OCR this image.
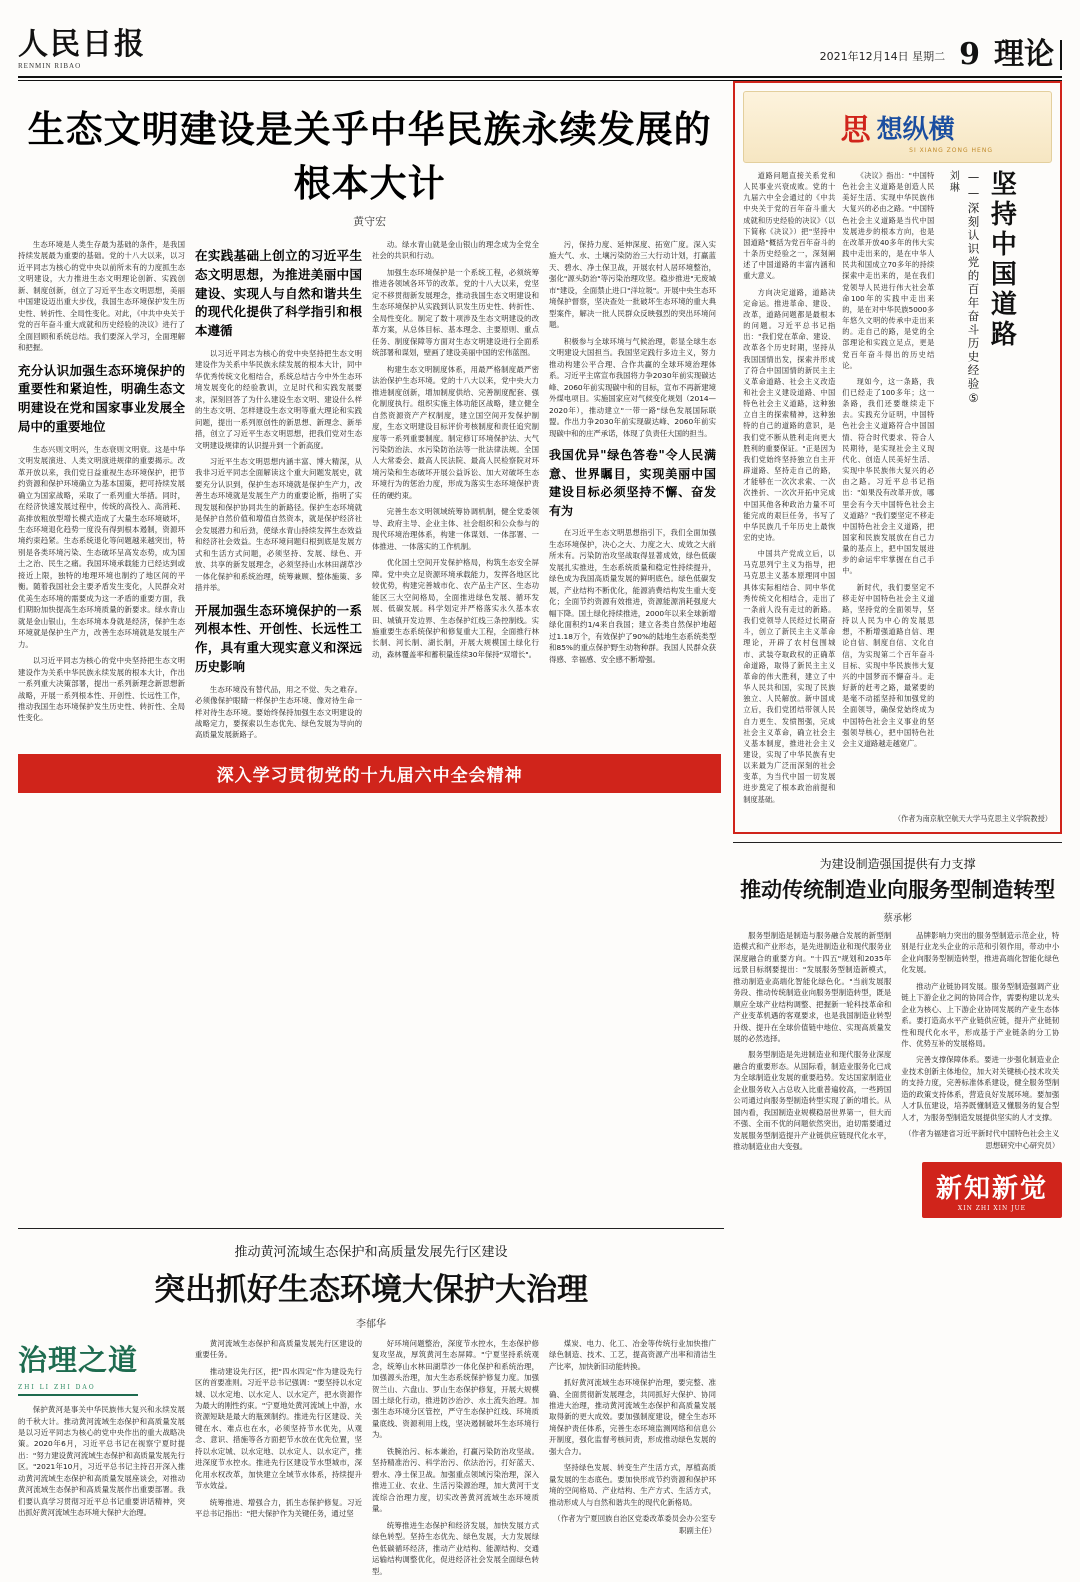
人民日报
RENMIN RIBAO
2021年12月14日 星期二 9 理论
生态文明建设是关乎中华民族永续发展的根本大计
黄守宏

生态环境是人类生存最为基础的条件，是我国持续发展最为重要的基础。党的十八大以来，以习近平同志为核心的党中央以前所未有的力度抓生态文明建设，大力推进生态文明理论创新、实践创新、制度创新，创立了习近平生态文明思想，美丽中国建设迈出重大步伐，我国生态环境保护发生历史性、转折性、全局性变化。对此，《中共中央关于党的百年奋斗重大成就和历史经验的决议》进行了全面回顾和系统总结。我们要深入学习，全面理解和把握。

充分认识加强生态环境保护的重要性和紧迫性，明确生态文明建设在党和国家事业发展全局中的重要地位

生态兴则文明兴，生态衰则文明衰。这是中华文明发展演进、人类文明演进规律的重要揭示。改革开放以来，我们党日益重视生态环境保护，把节约资源和保护环境确立为基本国策，把可持续发展确立为国家战略，采取了一系列重大举措。同时，在经济快速发展过程中，传统的高投入、高消耗、高排放粗放型增长模式造成了大量生态环境破坏，生态环境退化趋势一度没有得到根本遏制，资源环境约束趋紧。生态系统退化等问题越来越突出，特别是各类环境污染、生态破坏呈高发态势，成为国土之治、民生之痛。我国环境承载能力已经达到或接近上限，独特的地理环境也制约了地区间的平衡。随着我国社会主要矛盾发生变化，人民群众对优美生态环境的需要成为这一矛盾的重要方面，我们期盼加快提高生态环境质量的新要求。绿水青山就是金山银山，生态环境本身就是经济，保护生态环境就是保护生产力，改善生态环境就是发展生产力。

以习近平同志为核心的党中央坚持把生态文明建设作为关系中华民族永续发展的根本大计，作出一系列重大决策部署，提出一系列新理念新思想新战略，开展一系列根本性、开创性、长远性工作，推动我国生态环境保护发生历史性、转折性、全局性变化。

在实践基础上创立的习近平生态文明思想，为推进美丽中国建设、实现人与自然和谐共生的现代化提供了科学指引和根本遵循

以习近平同志为核心的党中央坚持把生态文明建设作为关系中华民族永续发展的根本大计，同中华优秀传统文化相结合，系统总结古今中外生态环境发展变化的经验教训，立足时代和实践发展要求，深刻回答了为什么建设生态文明、建设什么样的生态文明、怎样建设生态文明等重大理论和实践问题，提出一系列原创性的新思想、新理念、新举措，创立了习近平生态文明思想，把我们党对生态文明建设规律的认识提升到一个新高度。

习近平生态文明思想内涵丰富、博大精深，从我非习近平同志全面解读这个重大问题发展史，就要充分认识到，保护生态环境就是保护生产力，改善生态环境就是发展生产力的重要论断，指明了实现发展和保护协同共生的新路径。保护生态环境就是保护自然价值和增值自然资本，就是保护经济社会发展潜力和后劲，使绿水青山持续发挥生态效益和经济社会效益。生态环境问题归根到底是发展方式和生活方式问题，必须坚持、发展、绿色、开放、共享的新发展理念，必须坚持山水林田湖草沙一体化保护和系统治理，统筹兼顾、整体施策、多措并举。

开展加强生态环境保护的一系列根本性、开创性、长远性工作，具有重大现实意义和深远历史影响

生态环境没有替代品，用之不觉、失之难存。必须像保护眼睛一样保护生态环境、像对待生命一样对待生态环境。要始终保持加强生态文明建设的战略定力，要探索以生态优先、绿色发展为导向的高质量发展新路子。

动。绿水青山就是金山银山的理念成为全党全社会的共识和行动。

加强生态环境保护是一个系统工程，必须统筹推进各领域各环节的改革。党的十八大以来，党坚定不移贯彻新发展理念，推动我国生态文明建设和生态环境保护从实践到认识发生历史性、转折性、全局性变化。制定了数十项涉及生态文明建设的改革方案，从总体目标、基本理念、主要原则、重点任务、制度保障等方面对生态文明建设进行全面系统部署和谋划，壁画了建设美丽中国的宏伟蓝图。

构建生态文明制度体系，用最严格制度最严密法治保护生态环境。党的十八大以来，党中央大力推进制度创新，增加制度供给、完善制度配套、强化制度执行。组织实施主体功能区战略，建立健全自然资源资产产权制度，建立国空间开发保护制度，生态文明建设目标评价考核制度和责任追究制度等一系列重要制度。制定修订环境保护法、大气污染防治法、水污染防治法等一批法律法规。全国人大常委会、最高人民法院、最高人民检察院对环境污染和生态破坏开展公益诉讼、加大对破坏生态环境行为的惩治力度，形成为落实生态环境保护责任的硬约束。

完善生态文明领域统筹协调机制，健全党委领导、政府主导、企业主体、社会组织和公众参与的现代环境治理体系，构建一体谋划、一体部署、一体推进、一体落实的工作机制。

优化国土空间开发保护格局，构筑生态安全屏障。党中央立足资源环境承载能力，发挥各地区比较优势，构建完善城市化、农产品主产区、生态功能区三大空间格局，全面推进绿色发展、循环发展、低碳发展。科学划定并严格落实永久基本农田、城镇开发边界、生态保护红线三条控制线。实施重要生态系统保护和修复重大工程，全面推行林长制、河长制、湖长制，开展大规模国土绿化行动，森林覆盖率和蓄积量连续30年保持"双增长"。

污，保持力度、延伸深度、拓宽广度。深入实施大气、水、土壤污染防治三大行动计划，打赢蓝天、碧水、净土保卫战，开展农村人居环境整治，强化"源头防治"等污染治理攻坚。稳步推进"无废城市"建设，全面禁止进口"洋垃圾"。开展中央生态环境保护督察，坚决查处一批破坏生态环境的重大典型案件，解决一批人民群众反映强烈的突出环境问题。

积极参与全球环境与气候治理，彰显全球生态文明建设大国担当。我国坚定践行多边主义，努力推动构建公平合理、合作共赢的全球环境治理体系。习近平主席宣布我国将力争2030年前实现碳达峰、2060年前实现碳中和的目标，宣布不再新建境外煤电项目。实施国家应对气候变化规划（2014—2020年），推动建立"一带一路"绿色发展国际联盟。作出力争2030年前实现碳达峰、2060年前实现碳中和的庄严承诺，体现了负责任大国的担当。

我国优异"绿色答卷"令人民满意、世界瞩目，实现美丽中国建设目标必须坚持不懈、奋发有为

在习近平生态文明思想指引下，我们全面加强生态环境保护，决心之大、力度之大、成效之大前所未有。污染防治攻坚战取得显著成效，绿色低碳发展扎实推进，生态系统质量和稳定性持续提升，绿色成为我国高质量发展的鲜明底色。绿色低碳发展，产业结构不断优化，能源消费结构发生重大变化；全面节约资源有效推进，资源能源消耗强度大幅下降。国土绿化持续推进，2000年以来全球新增绿化面积约1/4来自我国；建立各类自然保护地超过1.18万个，有效保护了90%的陆地生态系统类型和85%的重点保护野生动物种群。我国人民群众获得感、幸福感、安全感不断增强。

深入学习贯彻党的十九届六中全会精神
思 想纵横
SI XIANG ZONG HENG

道路问题直接关系党和人民事业兴衰成败。党的十九届六中全会通过的《中共中央关于党的百年奋斗重大成就和历史经验的决议》（以下简称《决议》）把"坚持中国道路"概括为党百年奋斗的十条历史经验之一，深刻阐述了中国道路的丰富内涵和重大意义。

方向决定道路，道路决定命运。推进革命、建设、改革，道路问题都是最根本的问题。习近平总书记指出："我们党在革命、建设、改革各个历史时期，坚持从我国国情出发，探索并形成了符合中国国情的新民主主义革命道路、社会主义改造和社会主义建设道路、中国特色社会主义道路，这种独立自主的探索精神，这种独特的自己的道路的意识，是我们党不断从胜利走向更大胜利的重要保证。"正是因为我们党始终坚持独立自主开辟道路、坚持走自己的路，才能够在一次次求索、一次次挫折、一次次开拓中完成中国其他各种政治力量不可能完成的艰巨任务，书写了中华民族几千年历史上最恢宏的史诗。

中国共产党成立后，以马克思列宁主义为指导，把马克思主义基本原理同中国具体实际相结合、同中华优秀传统文化相结合，走出了一条前人没有走过的新路。我们党领导人民经过长期奋斗，创立了新民主主义革命理论，开辟了农村包围城市、武装夺取政权的正确革命道路，取得了新民主主义革命的伟大胜利，建立了中华人民共和国，实现了民族独立、人民解放。新中国成立后，我们党团结带领人民自力更生、发愤图强，完成社会主义革命，确立社会主义基本制度，推进社会主义建设，实现了中华民族有史以来最为广泛而深刻的社会变革，为当代中国一切发展进步奠定了根本政治前提和制度基础。

《决议》指出："中国特色社会主义道路是创造人民美好生活、实现中华民族伟大复兴的必由之路。"中国特色社会主义道路是当代中国发展进步的根本方向，也是在改革开放40多年的伟大实践中走出来的，是在中华人民共和国成立70多年的持续探索中走出来的，是在我们党领导人民进行伟大社会革命100年的实践中走出来的，是在对中华民族5000多年悠久文明的传承中走出来的。走自己的路，是党的全部理论和实践立足点，更是党百年奋斗得出的历史结论。

现如今，这一条路，我们已经走了100多年；这一条路，我们还要继续走下去。实践充分证明，中国特色社会主义道路符合中国国情、符合时代要求、符合人民期待，是实现社会主义现代化、创造人民美好生活、实现中华民族伟大复兴的必由之路。习近平总书记指出："如果没有改革开放，哪里会有今天中国特色社会主义道路？"我们要坚定不移走中国特色社会主义道路，把国家和民族发展放在自己力量的基点上，把中国发展进步的命运牢牢掌握在自己手中。

新时代，我们要坚定不移走好中国特色社会主义道路，坚持党的全面领导，坚持以人民为中心的发展思想，不断增强道路自信、理论自信、制度自信、文化自信，为实现第二个百年奋斗目标、实现中华民族伟大复兴的中国梦而不懈奋斗。走好新的赶考之路，最紧要的是毫不动摇坚持和加强党的全面领导，确保党始终成为中国特色社会主义事业的坚强领导核心，把中国特色社会主义道路越走越宽广。

刘琳 ——深刻认识党的百年奋斗历史经验⑤ 坚持中国道路
（作者为南京航空航天大学马克思主义学院教授）
为建设制造强国提供有力支撑
推动传统制造业向服务型制造转型
蔡承彬

服务型制造是制造与服务融合发展的新型制造模式和产业形态，是先进制造业和现代服务业深度融合的重要方向。"十四五"规划和2035年远景目标纲要提出："发展服务型制造新模式，推动制造业高端化智能化绿色化。"当前发展服务段、推动传统制造业向服务型制造转型，既是顺应全球产业结构调整、把握新一轮科技革命和产业变革机遇的客观要求，也是我国制造业转型升级、提升在全球价值链中地位、实现高质量发展的必然选择。

服务型制造是先进制造业和现代服务业深度融合的重要形态。从国际看，制造业服务化已成为全球制造业发展的重要趋势。发达国家制造业企业服务收入占总收入比重普遍较高，一些跨国公司通过向服务型制造转型实现了新的增长。从国内看，我国制造业规模稳居世界第一，但大而不强、全而不优的问题依然突出，迫切需要通过发展服务型制造提升产业链供应链现代化水平，推动制造业由大变强。

品牌影响力突出的服务型制造示范企业，特别是行业龙头企业的示范和引领作用，带动中小企业向服务型制造转型，推进高端化智能化绿色化发展。

推动产业链协同发展。服务型制造强调产业链上下游企业之间的协同合作，需要构建以龙头企业为核心、上下游企业协同发展的产业生态体系。要打造高水平产业链供应链，提升产业链韧性和现代化水平，形成基于产业链条的分工协作、优势互补的发展格局。

完善支撑保障体系。要进一步强化制造业企业技术创新主体地位，加大对关键核心技术攻关的支持力度，完善标准体系建设，健全服务型制造的政策支持体系，营造良好发展环境。要加强人才队伍建设，培养既懂制造又懂服务的复合型人才，为服务型制造发展提供坚实的人才支撑。

（作者为福建省习近平新时代中国特色社会主义思想研究中心研究员）

新知新觉
XIN ZHI XIN JUE
推动黄河流域生态保护和高质量发展先行区建设
突出抓好生态环境大保护大治理
李郁华
治理之道
ZHI LI ZHI DAO

保护黄河是事关中华民族伟大复兴和永续发展的千秋大计。推动黄河流域生态保护和高质量发展是以习近平同志为核心的党中央作出的重大战略决策。2020年6月，习近平总书记在视察宁夏时提出："努力建设黄河流域生态保护和高质量发展先行区。"2021年10月，习近平总书记主持召开深入推动黄河流域生态保护和高质量发展座谈会，对推动黄河流域生态保护和高质量发展作出重要部署。我们要认真学习贯彻习近平总书记重要讲话精神，突出抓好黄河流域生态环境大保护大治理。

黄河流域生态保护和高质量发展先行区建设的重要任务。

推动建设先行区，把"四水四定"作为建设先行区的首要准则。习近平总书记强调："要坚持以水定城、以水定地、以水定人、以水定产，把水资源作为最大的刚性约束。"宁夏地处黄河流域上中游，水资源短缺是最大的瓶颈制约。推进先行区建设、关键在水、难点也在水，必须坚持节水优先，从观念、意识、措施等各方面把节水放在优先位置，坚持以水定城、以水定地、以水定人、以水定产，推进深度节水控水。推进先行区建设节水型城市，深化用水权改革，加快建立全域节水体系，持续提升节水效益。

统筹推进、增强合力，抓生态保护修复。习近平总书记指出："把大保护作为关键任务，通过坚

好环境问题整治，深度节水控水，生态保护修复攻坚战，厚筑黄河生态屏障。"宁夏坚持系统观念，统筹山水林田湖草沙一体化保护和系统治理，加强源头治理，加大生态系统保护修复力度。加强贺兰山、六盘山、罗山生态保护修复，开展大规模国土绿化行动，推进防沙治沙、水土流失治理。加强生态环境分区管控，严守生态保护红线、环境质量底线、资源利用上线，坚决遏制破坏生态环境行为。

铁腕治污、标本兼治，打赢污染防治攻坚战。坚持精准治污、科学治污、依法治污，打好蓝天、碧水、净土保卫战。加强重点领域污染治理，深入推进工业、农业、生活污染源治理，加大黄河干支流综合治理力度，切实改善黄河流域生态环境质量。

统筹推进生态保护和经济发展，加快发展方式绿色转型。坚持生态优先、绿色发展，大力发展绿色低碳循环经济，推动产业结构、能源结构、交通运输结构调整优化，促进经济社会发展全面绿色转型。

煤炭、电力、化工、冶金等传统行业加快推广绿色制造、技术、工艺，提高资源产出率和清洁生产比率，加快新旧动能转换。

抓好黄河流域生态环境保护治理，要完整、准确、全面贯彻新发展理念，共同抓好大保护、协同推进大治理，推动黄河流域生态保护和高质量发展取得新的更大成效。要加强制度建设，健全生态环境保护责任体系，完善生态环境监测网络和信息公开制度，强化监督考核问责，形成推动绿色发展的强大合力。

坚持绿色发展、转变生产生活方式，厚植高质量发展的生态底色。要加快形成节约资源和保护环境的空间格局、产业结构、生产方式、生活方式，推动形成人与自然和谐共生的现代化新格局。

（作者为宁夏回族自治区党委改革委员会办公室专职副主任）
